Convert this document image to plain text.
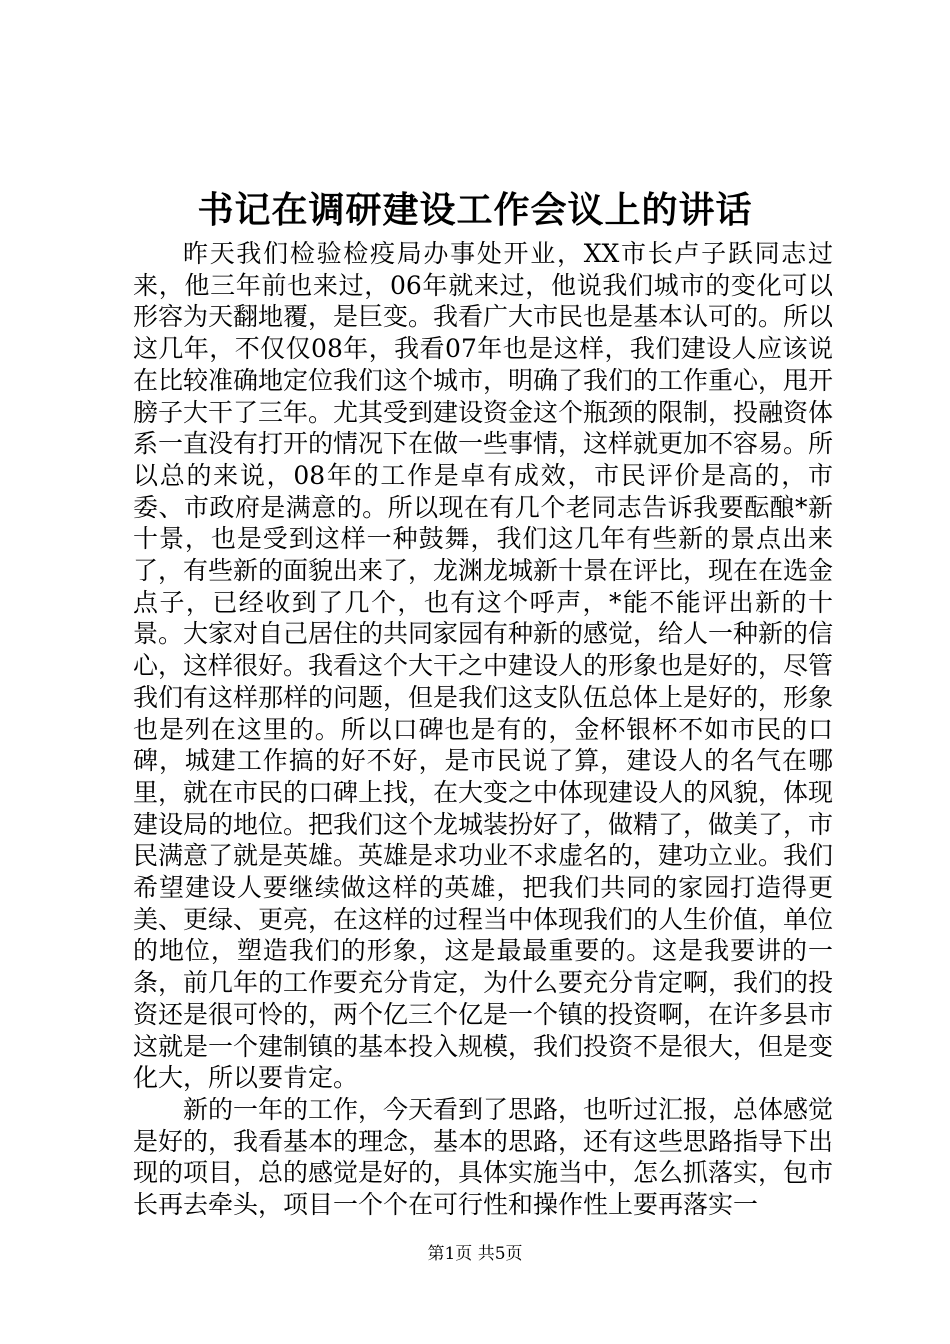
书记在调研建设工作会议上的讲话

昨天我们检验检疫局办事处开业，XX市长卢子跃同志过来，他三年前也来过，06年就来过，他说我们城市的变化可以形容为天翻地覆，是巨变。我看广大市民也是基本认可的。所以这几年，不仅仅08年，我看07年也是这样，我们建设人应该说在比较准确地定位我们这个城市，明确了我们的工作重心，甩开膀子大干了三年。尤其受到建设资金这个瓶颈的限制，投融资体系一直没有打开的情况下在做一些事情，这样就更加不容易。所以总的来说，08年的工作是卓有成效，市民评价是高的，市委、市政府是满意的。所以现在有几个老同志告诉我要酝酿*新十景，也是受到这样一种鼓舞，我们这几年有些新的景点出来了，有些新的面貌出来了，龙渊龙城新十景在评比，现在在选金点子，已经收到了几个，也有这个呼声，*能不能评出新的十景。大家对自己居住的共同家园有种新的感觉，给人一种新的信心，这样很好。我看这个大干之中建设人的形象也是好的，尽管我们有这样那样的问题，但是我们这支队伍总体上是好的，形象也是列在这里的。所以口碑也是有的，金杯银杯不如市民的口碑，城建工作搞的好不好，是市民说了算，建设人的名气在哪里，就在市民的口碑上找，在大变之中体现建设人的风貌，体现建设局的地位。把我们这个龙城装扮好了，做精了，做美了，市民满意了就是英雄。英雄是求功业不求虚名的，建功立业。我们希望建设人要继续做这样的英雄，把我们共同的家园打造得更美、更绿、更亮，在这样的过程当中体现我们的人生价值，单位的地位，塑造我们的形象，这是最最重要的。这是我要讲的一条，前几年的工作要充分肯定，为什么要充分肯定啊，我们的投资还是很可怜的，两个亿三个亿是一个镇的投资啊，在许多县市这就是一个建制镇的基本投入规模，我们投资不是很大，但是变化大，所以要肯定。

新的一年的工作，今天看到了思路，也听过汇报，总体感觉是好的，我看基本的理念，基本的思路，还有这些思路指导下出现的项目，总的感觉是好的，具体实施当中，怎么抓落实，包市长再去牵头，项目一个个在可行性和操作性上要再落实一

第1页 共5页
